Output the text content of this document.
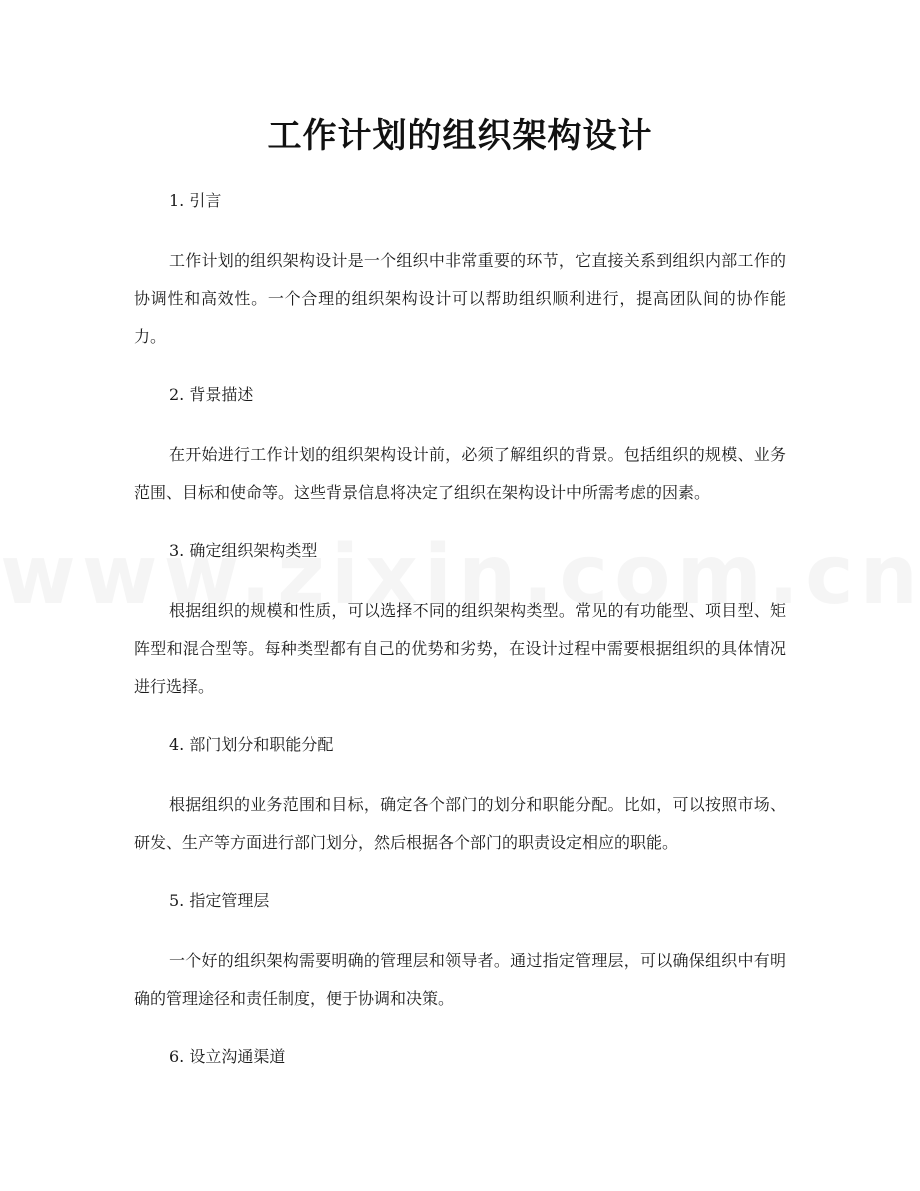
工作计划的组织架构设计
1. 引言
工作计划的组织架构设计是一个组织中非常重要的环节，它直接关系到组织内部工作的协调性和高效性。一个合理的组织架构设计可以帮助组织顺利进行，提高团队间的协作能力。
2. 背景描述
在开始进行工作计划的组织架构设计前，必须了解组织的背景。包括组织的规模、业务范围、目标和使命等。这些背景信息将决定了组织在架构设计中所需考虑的因素。
3. 确定组织架构类型
根据组织的规模和性质，可以选择不同的组织架构类型。常见的有功能型、项目型、矩阵型和混合型等。每种类型都有自己的优势和劣势，在设计过程中需要根据组织的具体情况进行选择。
4. 部门划分和职能分配
根据组织的业务范围和目标，确定各个部门的划分和职能分配。比如，可以按照市场、研发、生产等方面进行部门划分，然后根据各个部门的职责设定相应的职能。
5. 指定管理层
一个好的组织架构需要明确的管理层和领导者。通过指定管理层，可以确保组织中有明确的管理途径和责任制度，便于协调和决策。
6. 设立沟通渠道
